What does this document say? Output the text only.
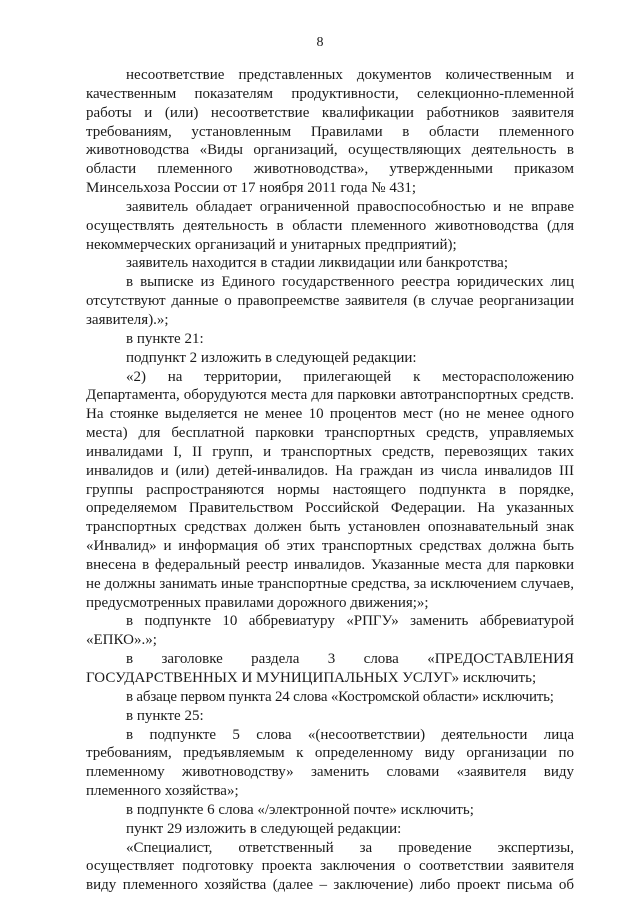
8

несоответствие представленных документов количественным и качественным показателям продуктивности, селекционно-племенной работы и (или) несоответствие квалификации работников заявителя требованиям, установленным Правилами в области племенного животноводства «Виды организаций, осуществляющих деятельность в области племенного животноводства», утвержденными приказом Минсельхоза России от 17 ноября 2011 года № 431;

заявитель обладает ограниченной правоспособностью и не вправе осуществлять деятельность в области племенного животноводства (для некоммерческих организаций и унитарных предприятий);

заявитель находится в стадии ликвидации или банкротства;

в выписке из Единого государственного реестра юридических лиц отсутствуют данные о правопреемстве заявителя (в случае реорганизации заявителя).»;

в пункте 21:

подпункт 2 изложить в следующей редакции:

«2) на территории, прилегающей к месторасположению Департамента, оборудуются места для парковки автотранспортных средств. На стоянке выделяется не менее 10 процентов мест (но не менее одного места) для бесплатной парковки транспортных средств, управляемых инвалидами I, II групп, и транспортных средств, перевозящих таких инвалидов и (или) детей-инвалидов. На граждан из числа инвалидов III группы распространяются нормы настоящего подпункта в порядке, определяемом Правительством Российской Федерации. На указанных транспортных средствах должен быть установлен опознавательный знак «Инвалид» и информация об этих транспортных средствах должна быть внесена в федеральный реестр инвалидов. Указанные места для парковки не должны занимать иные транспортные средства, за исключением случаев, предусмотренных правилами дорожного движения;»;

в подпункте 10 аббревиатуру «РПГУ» заменить аббревиатурой «ЕПКО».»;

в заголовке раздела 3 слова «ПРЕДОСТАВЛЕНИЯ ГОСУДАРСТВЕННЫХ И МУНИЦИПАЛЬНЫХ УСЛУГ» исключить;

в абзаце первом пункта 24 слова «Костромской области» исключить;

в пункте 25:

в подпункте 5 слова «(несоответствии) деятельности лица требованиям, предъявляемым к определенному виду организации по племенному животноводству» заменить словами «заявителя виду племенного хозяйства»;

в подпункте 6 слова «/электронной почте» исключить;

пункт 29 изложить в следующей редакции:

«Специалист, ответственный за проведение экспертизы, осуществляет подготовку проекта заключения о соответствии заявителя виду племенного хозяйства (далее – заключение) либо проект письма об
